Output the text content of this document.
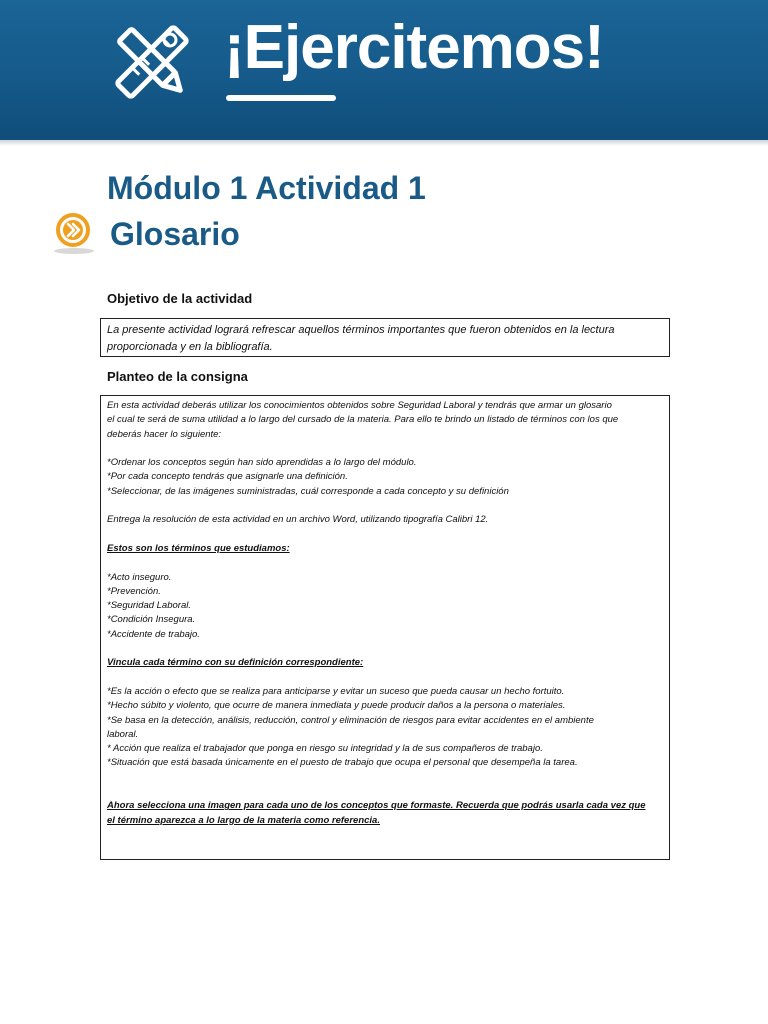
¡Ejercitemos!
Módulo 1 Actividad 1
Glosario
Objetivo de la actividad
La presente actividad logrará refrescar aquellos términos importantes que fueron obtenidos en la lectura
proporcionada y en la bibliografía.
Planteo de la consigna
En esta actividad deberás utilizar los conocimientos obtenidos sobre Seguridad Laboral y tendrás que armar un glosario
el cual te será de suma utilidad a lo largo del cursado de la materia. Para ello te brindo un listado de términos con los que
deberás hacer lo siguiente:
*Ordenar los conceptos según han sido aprendidas a lo largo del módulo.
*Por cada concepto tendrás que asignarle una definición.
*Seleccionar, de las imágenes suministradas, cuál corresponde a cada concepto y su definición
Entrega la resolución de esta actividad en un archivo Word, utilizando tipografía Calibri 12.
Estos son los términos que estudiamos:
*Acto inseguro.
*Prevención.
*Seguridad Laboral.
*Condición Insegura.
*Accidente de trabajo.
Vincula cada término con su definición correspondiente:
*Es la acción o efecto que se realiza para anticiparse y evitar un suceso que pueda causar un hecho fortuito.
*Hecho súbito y violento, que ocurre de manera inmediata y puede producir daños a la persona o materiales.
*Se basa en la detección, análisis, reducción, control y eliminación de riesgos para evitar accidentes en el ambiente
laboral.
* Acción que realiza el trabajador que ponga en riesgo su integridad y la de sus compañeros de trabajo.
*Situación que está basada únicamente en el puesto de trabajo que ocupa el personal que desempeña la tarea.
Ahora selecciona una imagen para cada uno de los conceptos que formaste. Recuerda que podrás usarla cada vez que
el término aparezca a lo largo de la materia como referencia.
